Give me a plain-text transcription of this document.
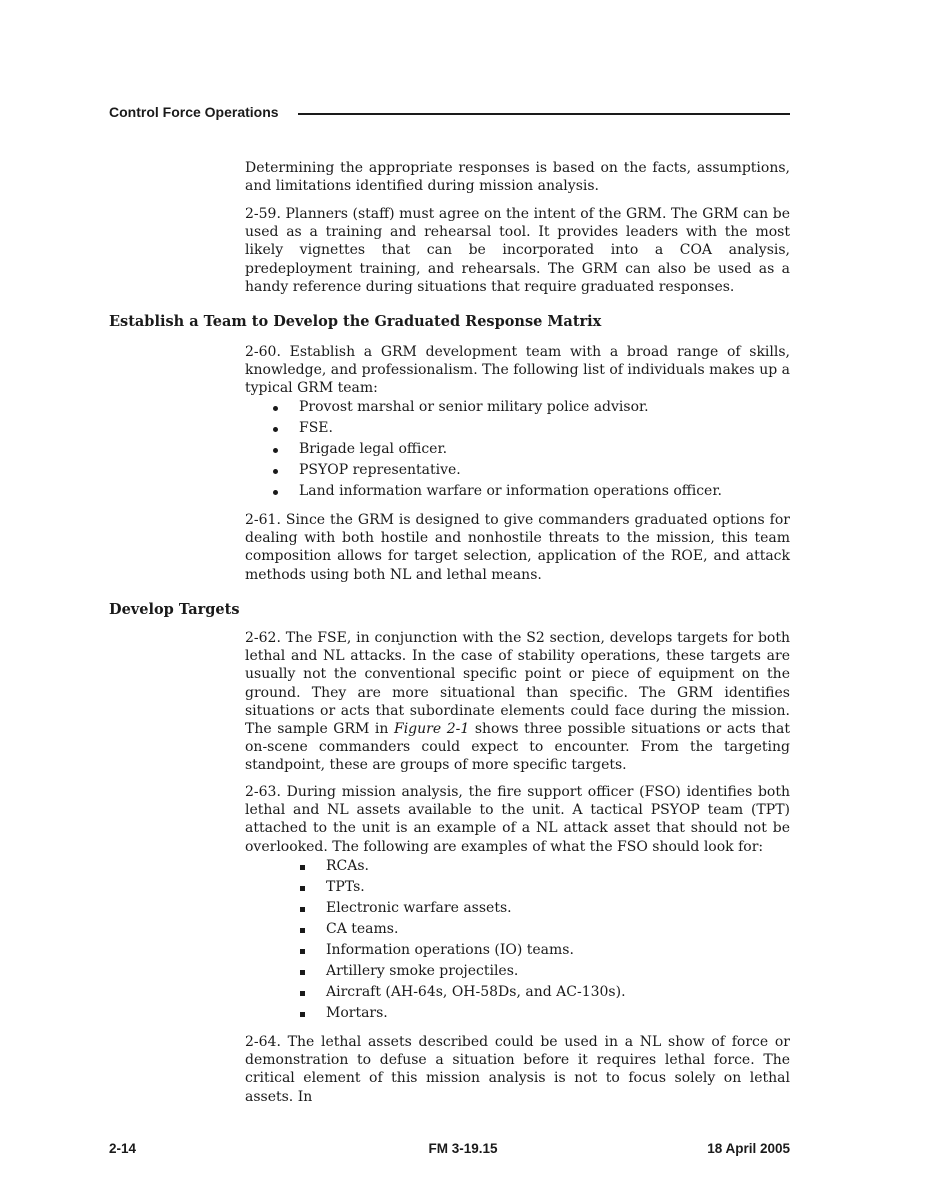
Control Force Operations

Determining the appropriate responses is based on the facts, assumptions, and limitations identified during mission analysis.

2-59. Planners (staff) must agree on the intent of the GRM. The GRM can be used as a training and rehearsal tool. It provides leaders with the most likely vignettes that can be incorporated into a COA analysis, predeployment training, and rehearsals. The GRM can also be used as a handy reference during situations that require graduated responses.

Establish a Team to Develop the Graduated Response Matrix

2-60. Establish a GRM development team with a broad range of skills, knowledge, and professionalism. The following list of individuals makes up a typical GRM team:

Provost marshal or senior military police advisor.
FSE.
Brigade legal officer.
PSYOP representative.
Land information warfare or information operations officer.

2-61. Since the GRM is designed to give commanders graduated options for dealing with both hostile and nonhostile threats to the mission, this team composition allows for target selection, application of the ROE, and attack methods using both NL and lethal means.

Develop Targets

2-62. The FSE, in conjunction with the S2 section, develops targets for both lethal and NL attacks. In the case of stability operations, these targets are usually not the conventional specific point or piece of equipment on the ground. They are more situational than specific. The GRM identifies situations or acts that subordinate elements could face during the mission. The sample GRM in Figure 2-1 shows three possible situations or acts that on-scene commanders could expect to encounter. From the targeting standpoint, these are groups of more specific targets.

2-63. During mission analysis, the fire support officer (FSO) identifies both lethal and NL assets available to the unit. A tactical PSYOP team (TPT) attached to the unit is an example of a NL attack asset that should not be overlooked. The following are examples of what the FSO should look for:

RCAs.
TPTs.
Electronic warfare assets.
CA teams.
Information operations (IO) teams.
Artillery smoke projectiles.
Aircraft (AH-64s, OH-58Ds, and AC-130s).
Mortars.

2-64. The lethal assets described could be used in a NL show of force or demonstration to defuse a situation before it requires lethal force. The critical element of this mission analysis is not to focus solely on lethal assets. In

2-14	FM 3-19.15	18 April 2005
